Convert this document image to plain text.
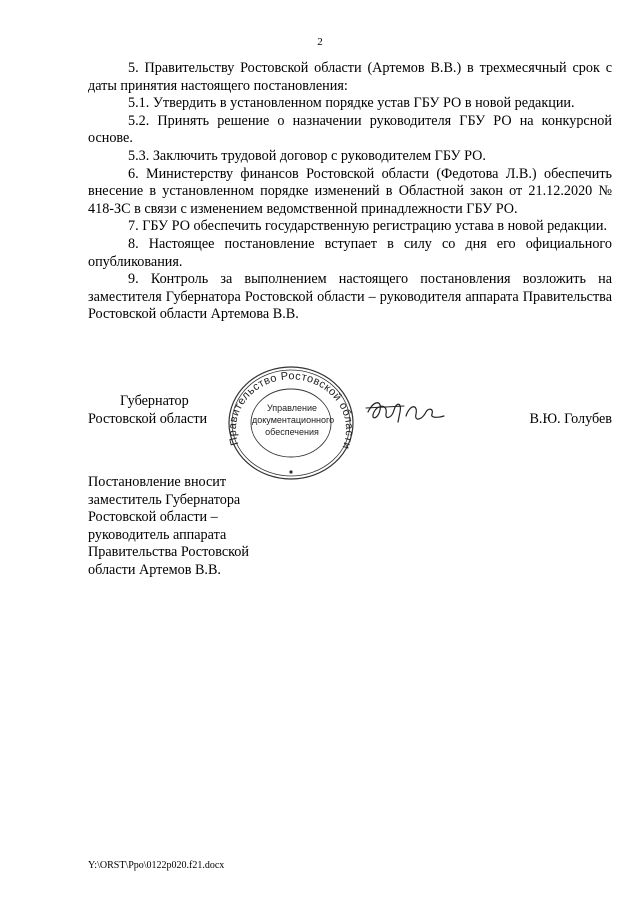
2

5. Правительству Ростовской области (Артемов В.В.) в трехмесячный срок с даты принятия настоящего постановления:

5.1. Утвердить в установленном порядке устав ГБУ РО в новой редакции.

5.2. Принять решение о назначении руководителя ГБУ РО на конкурсной основе.

5.3. Заключить трудовой договор с руководителем ГБУ РО.

6. Министерству финансов Ростовской области (Федотова Л.В.) обеспечить внесение в установленном порядке изменений в Областной закон от 21.12.2020 № 418-ЗС в связи с изменением ведомственной принадлежности ГБУ РО.

7. ГБУ РО обеспечить государственную регистрацию устава в новой редакции.

8. Настоящее постановление вступает в силу со дня его официального опубликования.

9. Контроль за выполнением настоящего постановления возложить на заместителя Губернатора Ростовской области – руководителя аппарата Правительства Ростовской области Артемова В.В.

Губернатор
Ростовской области	В.Ю. Голубев
Правительство Ростовской области
Управление
документационного
обеспечения
Постановление вносит
заместитель Губернатора
Ростовской области –
руководитель аппарата
Правительства Ростовской
области Артемов В.В.
Y:\ORST\Ppo\0122p020.f21.docx
